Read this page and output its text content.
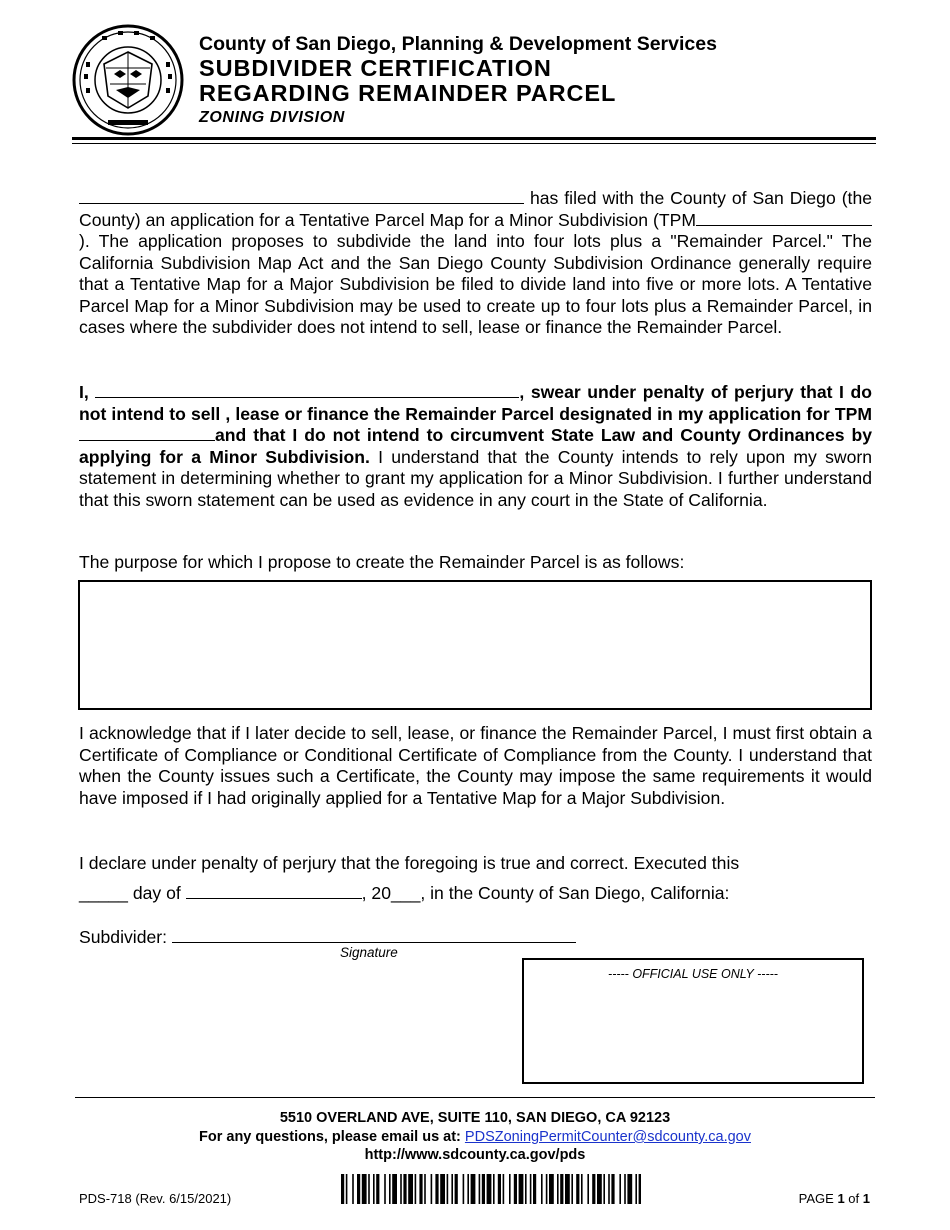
County of San Diego, Planning & Development Services
SUBDIVIDER CERTIFICATION
REGARDING REMAINDER PARCEL
ZONING DIVISION
has filed with the County of San Diego (the County) an application for a Tentative Parcel Map for a Minor Subdivision (TPM). The application proposes to subdivide the land into four lots plus a "Remainder Parcel." The California Subdivision Map Act and the San Diego County Subdivision Ordinance generally require that a Tentative Map for a Major Subdivision be filed to divide land into five or more lots. A Tentative Parcel Map for a Minor Subdivision may be used to create up to four lots plus a Remainder Parcel, in cases where the subdivider does not intend to sell, lease or finance the Remainder Parcel.
I,	, swear under penalty of perjury that I do not intend to sell , lease or finance the Remainder Parcel designated in my application for TPMand that I do not intend to circumvent State Law and County Ordinances by applying for a Minor Subdivision. I understand that the County intends to rely upon my sworn statement in determining whether to grant my application for a Minor Subdivision. I further understand that this sworn statement can be used as evidence in any court in the State of California.
The purpose for which I propose to create the Remainder Parcel is as follows:
I acknowledge that if I later decide to sell, lease, or finance the Remainder Parcel, I must first obtain a Certificate of Compliance or Conditional Certificate of Compliance from the County. I understand that when the County issues such a Certificate, the County may impose the same requirements it would have imposed if I had originally applied for a Tentative Map for a Major Subdivision.
I declare under penalty of perjury that the foregoing is true and correct. Executed this
_____ day of	, 20___, in the County of San Diego, California:
Subdivider:
Signature
----- OFFICIAL USE ONLY -----
5510 OVERLAND AVE, SUITE 110, SAN DIEGO, CA 92123
For any questions, please email us at: PDSZoningPermitCounter@sdcounty.ca.gov
http://www.sdcounty.ca.gov/pds
PDS-718 (Rev. 6/15/2021)	PAGE 1 of 1
